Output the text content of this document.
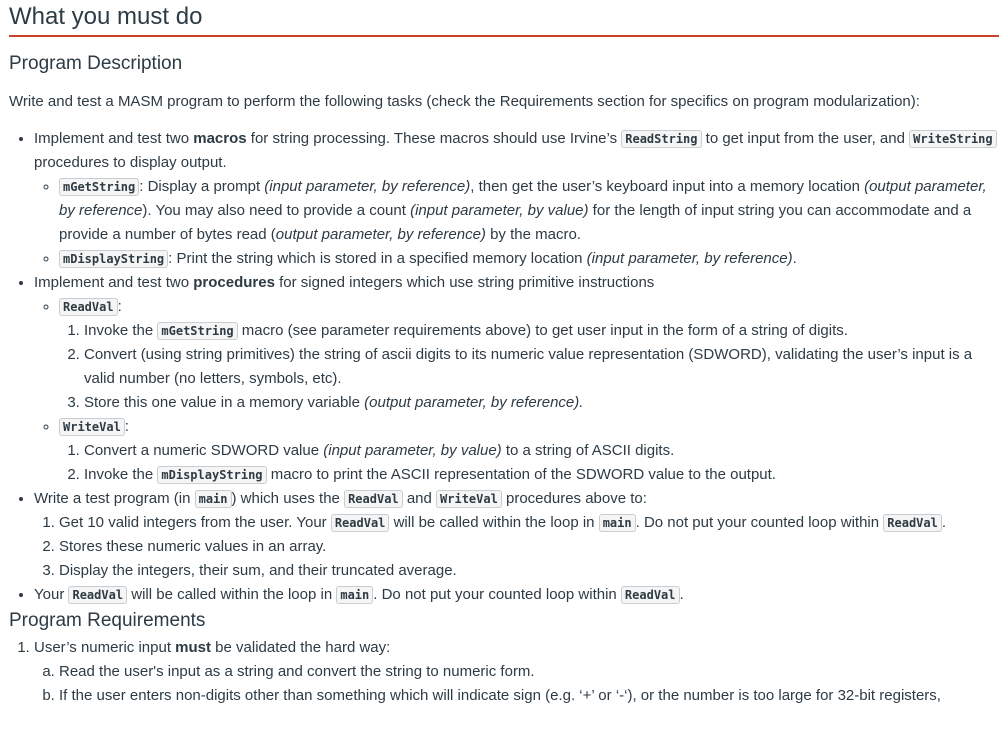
What you must do
Program Description

Write and test a MASM program to perform the following tasks (check the Requirements section for specifics on program modularization):

• Implement and test two macros for string processing. These macros should use Irvine’s ReadString to get input from the user, and WriteString procedures to display output.
◦ mGetString : Display a prompt (input parameter, by reference), then get the user’s keyboard input into a memory location (output parameter, by reference). You may also need to provide a count (input parameter, by value) for the length of input string you can accommodate and a provide a number of bytes read (output parameter, by reference) by the macro.
◦ mDisplayString : Print the string which is stored in a specified memory location (input parameter, by reference).
• Implement and test two procedures for signed integers which use string primitive instructions
◦ ReadVal :
1. Invoke the mGetString macro (see parameter requirements above) to get user input in the form of a string of digits.
2. Convert (using string primitives) the string of ascii digits to its numeric value representation (SDWORD), validating the user’s input is a valid number (no letters, symbols, etc).
3. Store this one value in a memory variable (output parameter, by reference).
◦ WriteVal :
1. Convert a numeric SDWORD value (input parameter, by value) to a string of ASCII digits.
2. Invoke the mDisplayString macro to print the ASCII representation of the SDWORD value to the output.
• Write a test program (in main ) which uses the ReadVal and WriteVal procedures above to:
1. Get 10 valid integers from the user. Your ReadVal will be called within the loop in main . Do not put your counted loop within ReadVal .
2. Stores these numeric values in an array.
3. Display the integers, their sum, and their truncated average.
• Your ReadVal will be called within the loop in main . Do not put your counted loop within ReadVal .
Program Requirements
1. User’s numeric input must be validated the hard way:
a. Read the user's input as a string and convert the string to numeric form.
b. If the user enters non-digits other than something which will indicate sign (e.g. ‘+’ or ‘-‘), or the number is too large for 32-bit registers,
